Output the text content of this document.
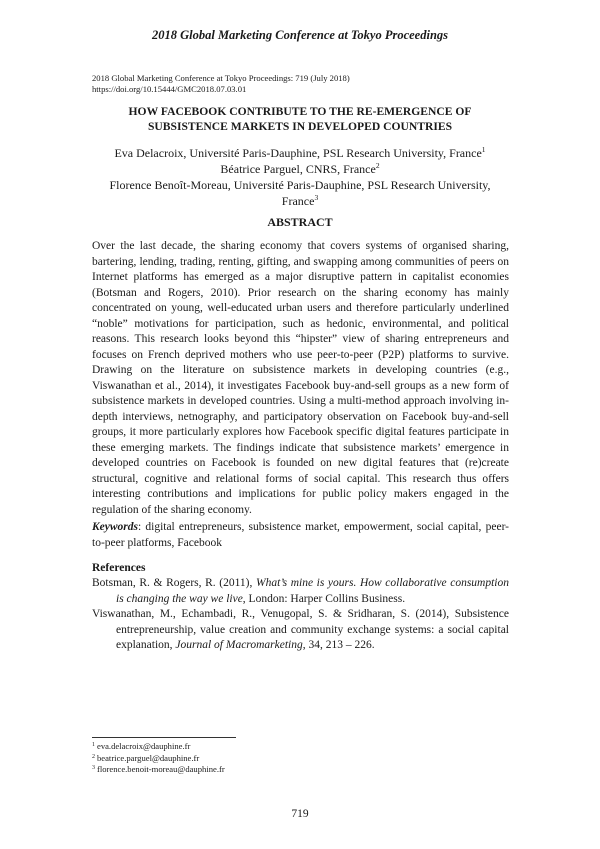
2018 Global Marketing Conference at Tokyo Proceedings
2018 Global Marketing Conference at Tokyo Proceedings: 719 (July 2018)
https://doi.org/10.15444/GMC2018.07.03.01
HOW FACEBOOK CONTRIBUTE TO THE RE-EMERGENCE OF
SUBSISTENCE MARKETS IN DEVELOPED COUNTRIES
Eva Delacroix, Université Paris-Dauphine, PSL Research University, France$^1$
Béatrice Parguel, CNRS, France$^2$
Florence Benoît-Moreau, Université Paris-Dauphine, PSL Research University, France$^3$
ABSTRACT

Over the last decade, the sharing economy that covers systems of organised sharing, bartering, lending, trading, renting, gifting, and swapping among communities of peers on Internet platforms has emerged as a major disruptive pattern in capitalist economies (Botsman and Rogers, 2010). Prior research on the sharing economy has mainly concentrated on young, well-educated urban users and therefore particularly underlined “noble” motivations for participation, such as hedonic, environmental, and political reasons. This research looks beyond this “hipster” view of sharing entrepreneurs and focuses on French deprived mothers who use peer-to-peer (P2P) platforms to survive. Drawing on the literature on subsistence markets in developing countries (e.g., Viswanathan et al., 2014), it investigates Facebook buy-and-sell groups as a new form of subsistence markets in developed countries. Using a multi-method approach involving in-depth interviews, netnography, and participatory observation on Facebook buy-and-sell groups, it more particularly explores how Facebook specific digital features participate in these emerging markets. The findings indicate that subsistence markets’ emergence in developed countries on Facebook is founded on new digital features that (re)create structural, cognitive and relational forms of social capital. This research thus offers interesting contributions and implications for public policy makers engaged in the regulation of the sharing economy.

Keywords: digital entrepreneurs, subsistence market, empowerment, social capital, peer-to-peer platforms, Facebook

References
Botsman, R. & Rogers, R. (2011), What’s mine is yours. How collaborative consumption is changing the way we live, London: Harper Collins Business.
Viswanathan, M., Echambadi, R., Venugopal, S. & Sridharan, S. (2014), Subsistence entrepreneurship, value creation and community exchange systems: a social capital explanation, Journal of Macromarketing, 34, 213 – 226.
$^1$ eva.delacroix@dauphine.fr
$^2$ beatrice.parguel@dauphine.fr
$^3$ florence.benoit-moreau@dauphine.fr
719
